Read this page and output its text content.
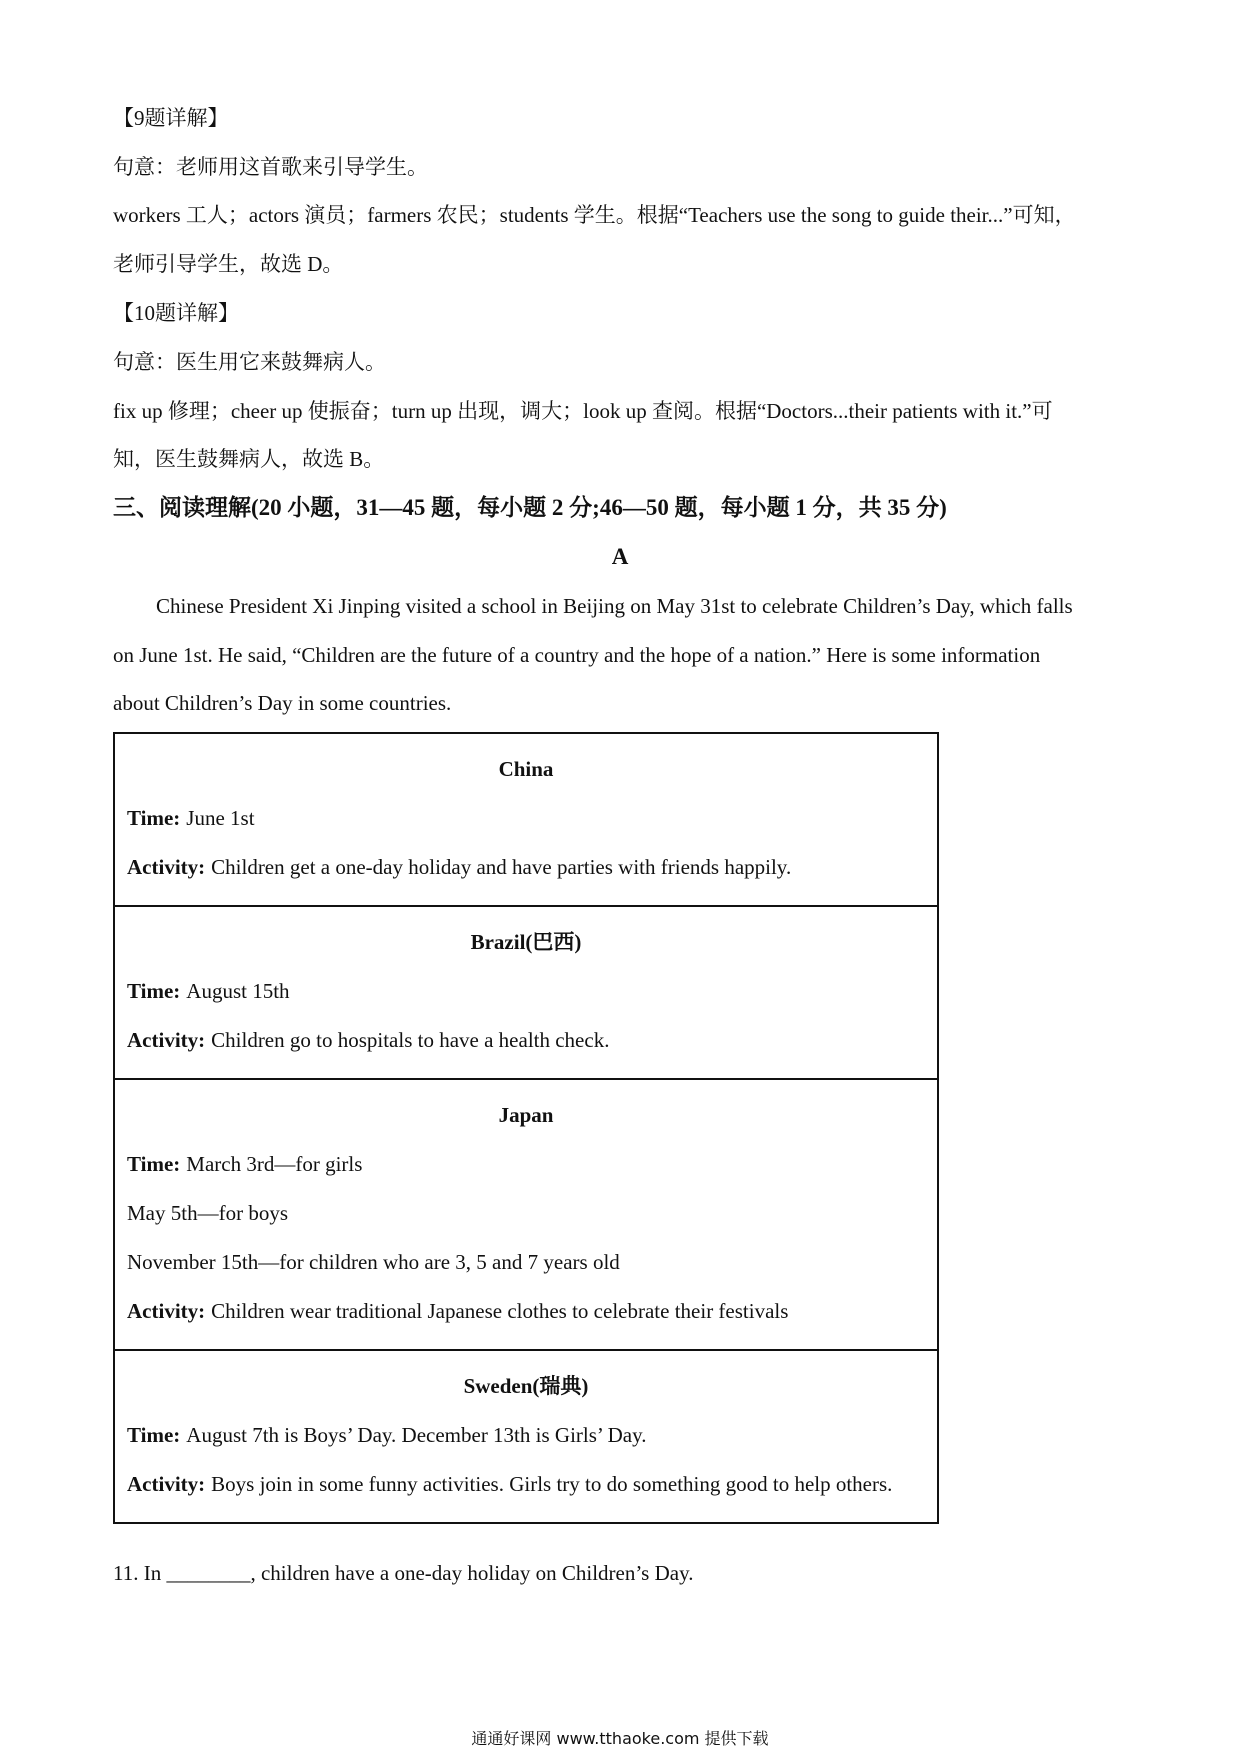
【9题详解】
句意：老师用这首歌来引导学生。
workers 工人；actors 演员；farmers 农民；students 学生。根据“Teachers use the song to guide their...”可知，
老师引导学生，故选 D。
【10题详解】
句意：医生用它来鼓舞病人。
fix up 修理；cheer up 使振奋；turn up 出现，调大；look up 查阅。根据“Doctors...their patients with it.”可
知，医生鼓舞病人，故选 B。
三、阅读理解(20 小题，31—45 题，每小题 2 分;46—50 题，每小题 1 分，共 35 分)
A
Chinese President Xi Jinping visited a school in Beijing on May 31st to celebrate Children’s Day, which falls
on June 1st. He said, “Children are the future of a country and the hope of a nation.” Here is some information
about Children’s Day in some countries.
China
Time: June 1st
Activity: Children get a one-day holiday and have parties with friends happily.
Brazil(巴西)
Time: August 15th
Activity: Children go to hospitals to have a health check.
Japan
Time: March 3rd—for girls
May 5th—for boys
November 15th—for children who are 3, 5 and 7 years old
Activity: Children wear traditional Japanese clothes to celebrate their festivals
Sweden(瑞典)
Time: August 7th is Boys’ Day. December 13th is Girls’ Day.
Activity: Boys join in some funny activities. Girls try to do something good to help others.
11. In ________, children have a one-day holiday on Children’s Day.
通通好课网 www.tthaoke.com 提供下载
